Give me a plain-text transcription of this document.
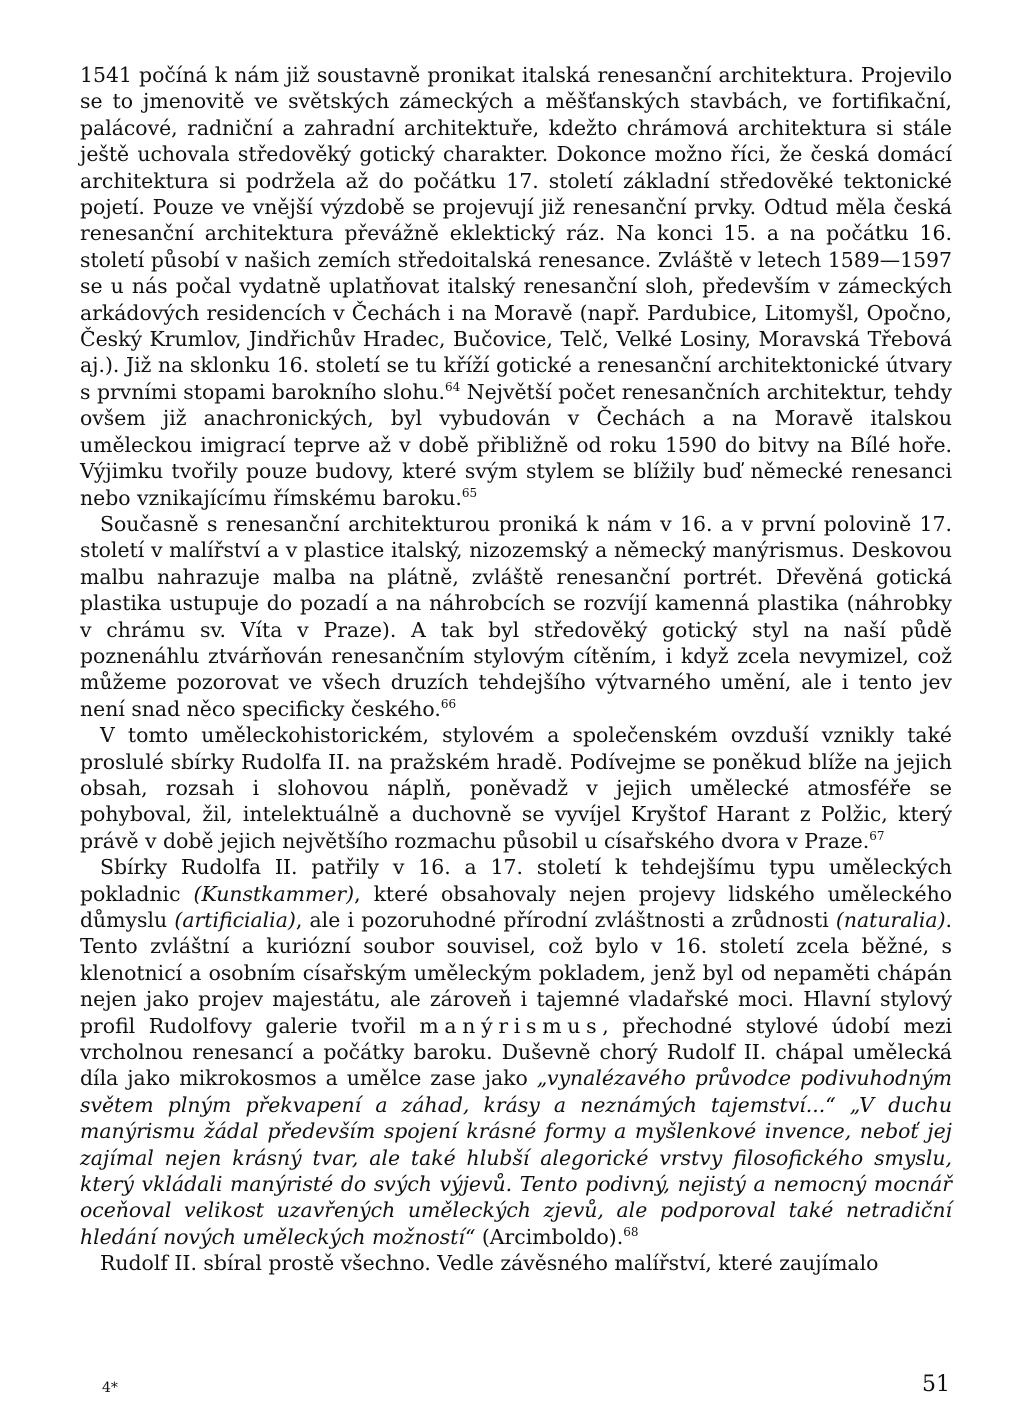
1541 počíná k nám již soustavně pronikat italská renesanční architektura. Projevilo se to jmenovitě ve světských zámeckých a měšťanských stavbách, ve fortifikační, palácové, radniční a zahradní architektuře, kdežto chrámová architektura si stále ještě uchovala středověký gotický charakter. Dokonce možno říci, že česká domácí architektura si podržela až do počátku 17. století základní středověké tektonické pojetí. Pouze ve vnější výzdobě se projevují již renesanční prvky. Odtud měla česká renesanční architektura převážně eklektický ráz. Na konci 15. a na počátku 16. století působí v našich zemích středoitalská renesance. Zvláště v letech 1589—1597 se u nás počal vydatně uplatňovat italský renesanční sloh, především v zámeckých arkádových residencích v Čechách i na Moravě (např. Pardubice, Litomyšl, Opočno, Český Krumlov, Jindřichův Hradec, Bučovice, Telč, Velké Losiny, Moravská Třebová aj.). Již na sklonku 16. století se tu kříží gotické a renesanční architektonické útvary s prvními stopami barokního slohu.$^{64}$ Největší počet renesančních architektur, tehdy ovšem již anachronických, byl vybudován v Čechách a na Moravě italskou uměleckou imigrací teprve až v době přibližně od roku 1590 do bitvy na Bílé hoře. Výjimku tvořily pouze budovy, které svým stylem se blížily buď německé renesanci nebo vznikajícímu římskému baroku.$^{65}$

Současně s renesanční architekturou proniká k nám v 16. a v první polovině 17. století v malířství a v plastice italský, nizozemský a německý manýrismus. Deskovou malbu nahrazuje malba na plátně, zvláště renesanční portrét. Dřevěná gotická plastika ustupuje do pozadí a na náhrobcích se rozvíjí kamenná plastika (náhrobky v chrámu sv. Víta v Praze). A tak byl středověký gotický styl na naší půdě poznenáhlu ztvárňován renesančním stylovým cítěním, i když zcela nevymizel, což můžeme pozorovat ve všech druzích tehdejšího výtvarného umění, ale i tento jev není snad něco specificky českého.$^{66}$

V tomto uměleckohistorickém, stylovém a společenském ovzduší vznikly také proslulé sbírky Rudolfa II. na pražském hradě. Podívejme se poněkud blíže na jejich obsah, rozsah i slohovou náplň, poněvadž v jejich umělecké atmosféře se pohyboval, žil, intelektuálně a duchovně se vyvíjel Kryštof Harant z Polžic, který právě v době jejich největšího rozmachu působil u císařského dvora v Praze.$^{67}$

Sbírky Rudolfa II. patřily v 16. a 17. století k tehdejšímu typu uměleckých pokladnic (Kunstkammer), které obsahovaly nejen projevy lidského uměleckého důmyslu (artificialia), ale i pozoruhodné přírodní zvláštnosti a zrůdnosti (naturalia). Tento zvláštní a kuriózní soubor souvisel, což bylo v 16. století zcela běžné, s klenotnicí a osobním císařským uměleckým pokladem, jenž byl od nepaměti chápán nejen jako projev majestátu, ale zároveň i tajemné vladařské moci. Hlavní stylový profil Rudolfovy galerie tvořil manýrismus, přechodné stylové údobí mezi vrcholnou renesancí a počátky baroku. Duševně chorý Rudolf II. chápal umělecká díla jako mikrokosmos a umělce zase jako „vynalézavého průvodce podivuhodným světem plným překvapení a záhad, krásy a neznámých tajemství...“ „V duchu manýrismu žádal především spojení krásné formy a myšlenkové invence, neboť jej zajímal nejen krásný tvar, ale také hlubší alegorické vrstvy filosofického smyslu, který vkládali manýristé do svých výjevů. Tento podivný, nejistý a nemocný mocnář oceňoval velikost uzavřených uměleckých zjevů, ale podporoval také netradiční hledání nových uměleckých možností“ (Arcimboldo).$^{68}$

Rudolf II. sbíral prostě všechno. Vedle závěsného malířství, které zaujímalo

4*	51
